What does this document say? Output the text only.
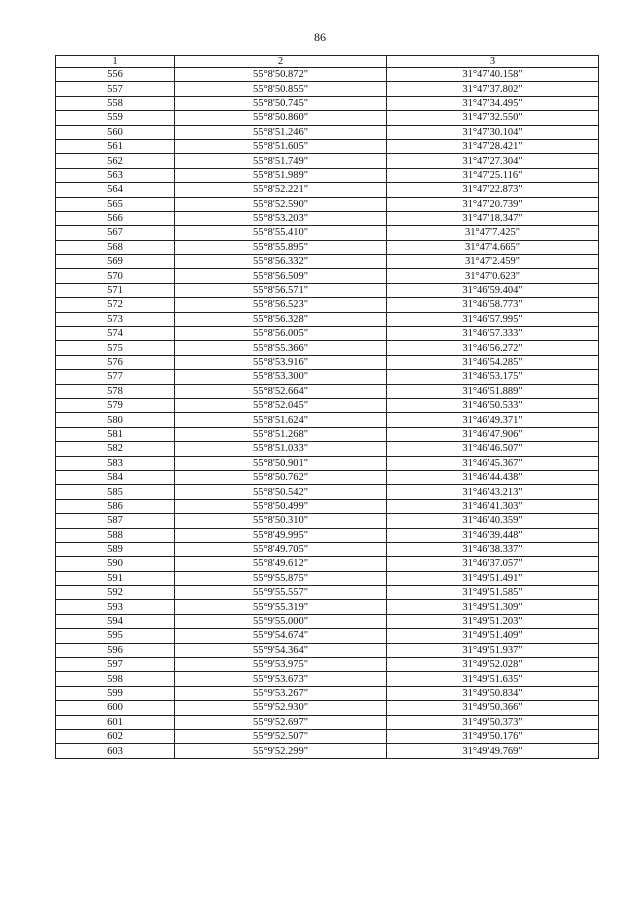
86
1	2	3
556	55°8'50.872"	31°47'40.158"
557	55°8'50.855"	31°47'37.802"
558	55°8'50.745"	31°47'34.495"
559	55°8'50.860"	31°47'32.550"
560	55°8'51.246"	31°47'30.104"
561	55°8'51.605"	31°47'28.421"
562	55°8'51.749"	31°47'27.304"
563	55°8'51.989"	31°47'25.116"
564	55°8'52.221"	31°47'22.873"
565	55°8'52.590"	31°47'20.739"
566	55°8'53.203"	31°47'18.347"
567	55°8'55.410"	31°47'7.425"
568	55°8'55.895"	31°47'4.665"
569	55°8'56.332"	31°47'2.459"
570	55°8'56.509"	31°47'0.623"
571	55°8'56.571"	31°46'59.404"
572	55°8'56.523"	31°46'58.773"
573	55°8'56.328"	31°46'57.995"
574	55°8'56.005"	31°46'57.333"
575	55°8'55.366"	31°46'56.272"
576	55°8'53.916"	31°46'54.285"
577	55°8'53.300"	31°46'53.175"
578	55°8'52.664"	31°46'51.889"
579	55°8'52.045"	31°46'50.533"
580	55°8'51.624"	31°46'49.371"
581	55°8'51.268"	31°46'47.906"
582	55°8'51.033"	31°46'46.507"
583	55°8'50.901"	31°46'45.367"
584	55°8'50.762"	31°46'44.438"
585	55°8'50.542"	31°46'43.213"
586	55°8'50.499"	31°46'41.303"
587	55°8'50.310"	31°46'40.359"
588	55°8'49.995"	31°46'39.448"
589	55°8'49.705"	31°46'38.337"
590	55°8'49.612"	31°46'37.057"
591	55°9'55.875"	31°49'51.491"
592	55°9'55.557"	31°49'51.585"
593	55°9'55.319"	31°49'51.309"
594	55°9'55.000"	31°49'51.203"
595	55°9'54.674"	31°49'51.409"
596	55°9'54.364"	31°49'51.937"
597	55°9'53.975"	31°49'52.028"
598	55°9'53.673"	31°49'51.635"
599	55°9'53.267"	31°49'50.834"
600	55°9'52.930"	31°49'50.366"
601	55°9'52.697"	31°49'50.373"
602	55°9'52.507"	31°49'50.176"
603	55°9'52.299"	31°49'49.769"
